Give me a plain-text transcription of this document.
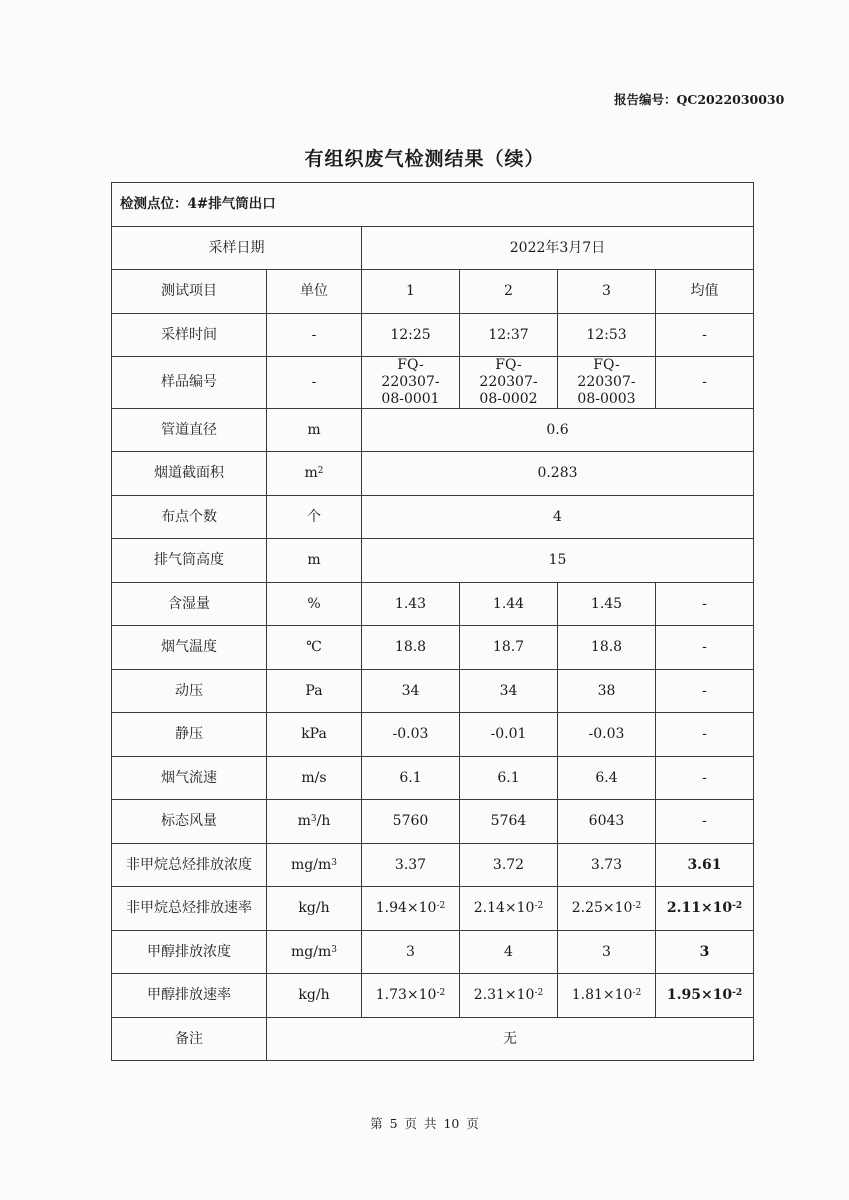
报告编号：QC2022030030
有组织废气检测结果（续）
检测点位：4#排气筒出口					
采样日期		2022年3月7日			
测试项目	单位	1	2	3	均值
采样时间	-	12:25	12:37	12:53	-
样品编号	-	FQ-220307-08-0001	FQ-220307-08-0002	FQ-220307-08-0003	-
管道直径	m	0.6			
烟道截面积	$m^2$	0.283			
布点个数	个	4			
排气筒高度	m	15			
含湿量	%	1.43	1.44	1.45	-
烟气温度	℃	18.8	18.7	18.8	-
动压	Pa	34	34	38	-
静压	kPa	-0.03	-0.01	-0.03	-
烟气流速	m/s	6.1	6.1	6.4	-
标态风量	$m^3/h$	5760	5764	6043	-
非甲烷总烃排放浓度	$mg/m^3$	3.37	3.72	3.73	3.61
非甲烷总烃排放速率	kg/h	$1.94\times 10^{-2}$	$2.14\times 10^{-2}$	$2.25\times 10^{-2}$	$2.11\times 10^{-2}$
甲醇排放浓度	$mg/m^3$	3	4	3	3
甲醇排放速率	kg/h	$1.73\times 10^{-2}$	$2.31\times 10^{-2}$	$1.81\times 10^{-2}$	$1.95\times 10^{-2}$
备注	无				
第 5 页 共 10 页
